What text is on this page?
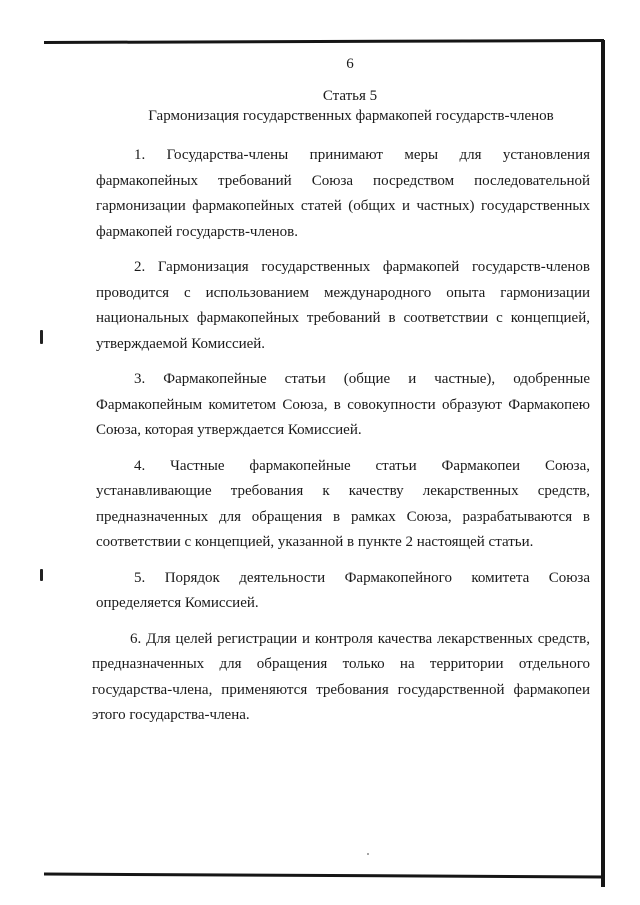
6
Статья 5
Гармонизация государственных фармакопей государств-членов

1. Государства-члены принимают меры для установления фармакопейных требований Союза посредством последовательной гармонизации фармакопейных статей (общих и частных) государственных фармакопей государств-членов.

2. Гармонизация государственных фармакопей государств-членов проводится с использованием международного опыта гармонизации национальных фармакопейных требований в соответствии с концепцией, утверждаемой Комиссией.

3. Фармакопейные статьи (общие и частные), одобренные Фармакопейным комитетом Союза, в совокупности образуют Фармакопею Союза, которая утверждается Комиссией.

4. Частные фармакопейные статьи Фармакопеи Союза, устанавливающие требования к качеству лекарственных средств, предназначенных для обращения в рамках Союза, разрабатываются в соответствии с концепцией, указанной в пункте 2 настоящей статьи.

5. Порядок деятельности Фармакопейного комитета Союза определяется Комиссией.

6. Для целей регистрации и контроля качества лекарственных средств, предназначенных для обращения только на территории отдельного государства-члена, применяются требования государственной фармакопеи этого государства-члена.
